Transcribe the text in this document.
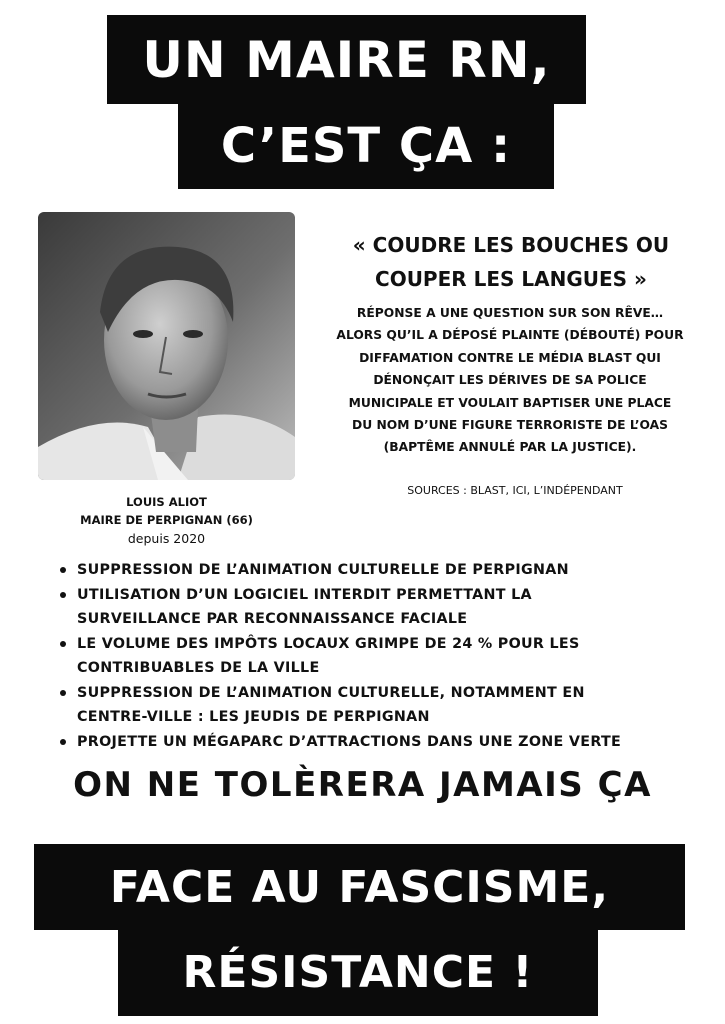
UN MAIRE RN,
C’EST ÇA :
LOUIS ALIOT
MAIRE DE PERPIGNAN (66)
depuis 2020
« COUDRE LES BOUCHES OU
COUPER LES LANGUES »
RÉPONSE A UNE QUESTION SUR SON RÊVE…
ALORS QU’IL A DÉPOSÉ PLAINTE (DÉBOUTÉ) POUR
DIFFAMATION CONTRE LE MÉDIA BLAST QUI
DÉNONÇAIT LES DÉRIVES DE SA POLICE
MUNICIPALE ET VOULAIT BAPTISER UNE PLACE
DU NOM D’UNE FIGURE TERRORISTE DE L’OAS
(BAPTÊME ANNULÉ PAR LA JUSTICE).
SOURCES : BLAST, ICI, L’INDÉPENDANT
SUPPRESSION DE L’ANIMATION CULTURELLE DE PERPIGNAN
UTILISATION D’UN LOGICIEL INTERDIT PERMETTANT LA
SURVEILLANCE PAR RECONNAISSANCE FACIALE
LE VOLUME DES IMPÔTS LOCAUX GRIMPE DE 24 % POUR LES
CONTRIBUABLES DE LA VILLE
SUPPRESSION DE L’ANIMATION CULTURELLE, NOTAMMENT EN
CENTRE-VILLE : LES JEUDIS DE PERPIGNAN
PROJETTE UN MÉGAPARC D’ATTRACTIONS DANS UNE ZONE VERTE
ON NE TOLÈRERA JAMAIS ÇA
FACE AU FASCISME,
RÉSISTANCE !
